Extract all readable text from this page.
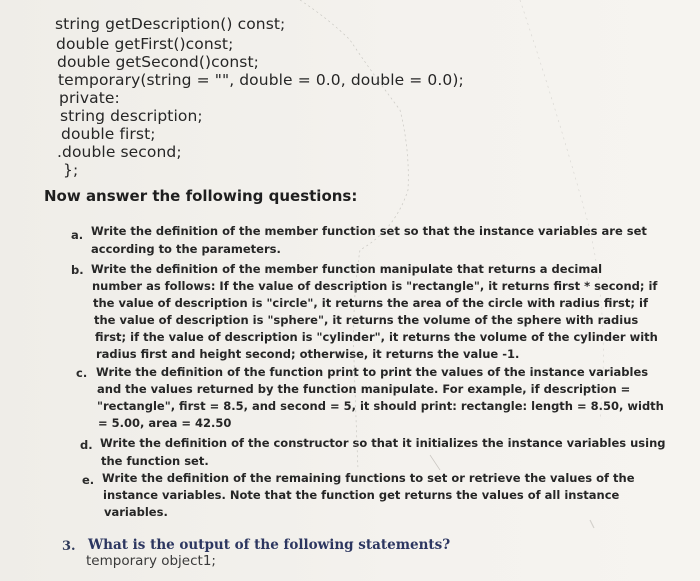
string getDescription() const;
double getFirst()const;
double getSecond()const;
temporary(string = "", double = 0.0, double = 0.0);
private:
string description;
double first;
.double second;
};
Now answer the following questions:
a. Write the definition of the member function set so that the instance variables are set
according to the parameters.
b. Write the definition of the member function manipulate that returns a decimal
number as follows: If the value of description is "rectangle", it returns first * second; if
the value of description is "circle", it returns the area of the circle with radius first; if
the value of description is "sphere", it returns the volume of the sphere with radius
first; if the value of description is "cylinder", it returns the volume of the cylinder with
radius first and height second; otherwise, it returns the value -1.
c. Write the definition of the function print to print the values of the instance variables
and the values returned by the function manipulate. For example, if description =
"rectangle", first = 8.5, and second = 5, it should print: rectangle: length = 8.50, width
= 5.00, area = 42.50
d. Write the definition of the constructor so that it initializes the instance variables using
the function set.
e. Write the definition of the remaining functions to set or retrieve the values of the
instance variables. Note that the function get returns the values of all instance
variables.
3. What is the output of the following statements?
temporary object1;
